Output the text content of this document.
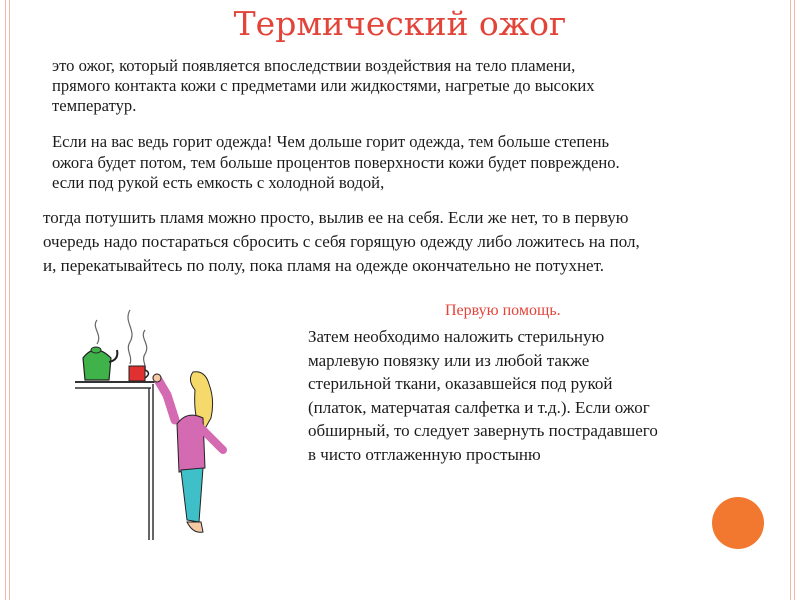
Термический ожог
это ожог, который появляется впоследствии воздействия на тело пламени,
прямого контакта кожи с предметами или жидкостями, нагретые до высоких
температур.
Если на вас ведь горит одежда! Чем дольше горит одежда, тем больше степень
ожога будет потом, тем больше процентов поверхности кожи будет повреждено.
если под рукой есть емкость с холодной водой,
тогда потушить пламя можно просто, вылив ее на себя. Если же нет, то в первую
очередь надо постараться сбросить с себя горящую одежду либо ложитесь на пол,
и, перекатывайтесь по полу, пока пламя на одежде окончательно не потухнет.
Первую помощь.
Затем необходимо наложить стерильную
марлевую повязку или из любой также
стерильной ткани, оказавшейся под рукой
(платок, матерчатая салфетка и т.д.). Если ожог
обширный, то следует завернуть пострадавшего
в чисто отглаженную простыню
